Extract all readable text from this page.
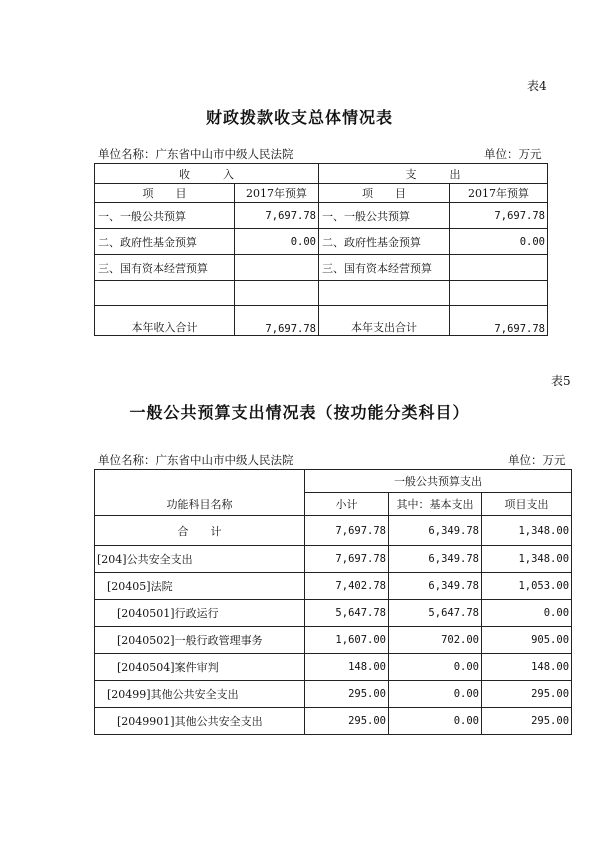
表4
财政拨款收支总体情况表
单位名称：广东省中山市中级人民法院	单位：万元
收　　　入		支　　　出	
项　　目	2017年预算	项　　目	2017年预算
一、一般公共预算	7,697.78	一、一般公共预算	7,697.78
二、政府性基金预算	0.00	二、政府性基金预算	0.00
三、国有资本经营预算		三、国有资本经营预算	

本年收入合计	7,697.78	本年支出合计	7,697.78
表5
一般公共预算支出情况表（按功能分类科目）
单位名称：广东省中山市中级人民法院	单位：万元
功能科目名称	一般公共预算支出		
	小计	其中：基本支出	项目支出
合　　计	7,697.78	6,349.78	1,348.00
[204]公共安全支出	7,697.78	6,349.78	1,348.00
[20405]法院	7,402.78	6,349.78	1,053.00
[2040501]行政运行	5,647.78	5,647.78	0.00
[2040502]一般行政管理事务	1,607.00	702.00	905.00
[2040504]案件审判	148.00	0.00	148.00
[20499]其他公共安全支出	295.00	0.00	295.00
[2049901]其他公共安全支出	295.00	0.00	295.00
